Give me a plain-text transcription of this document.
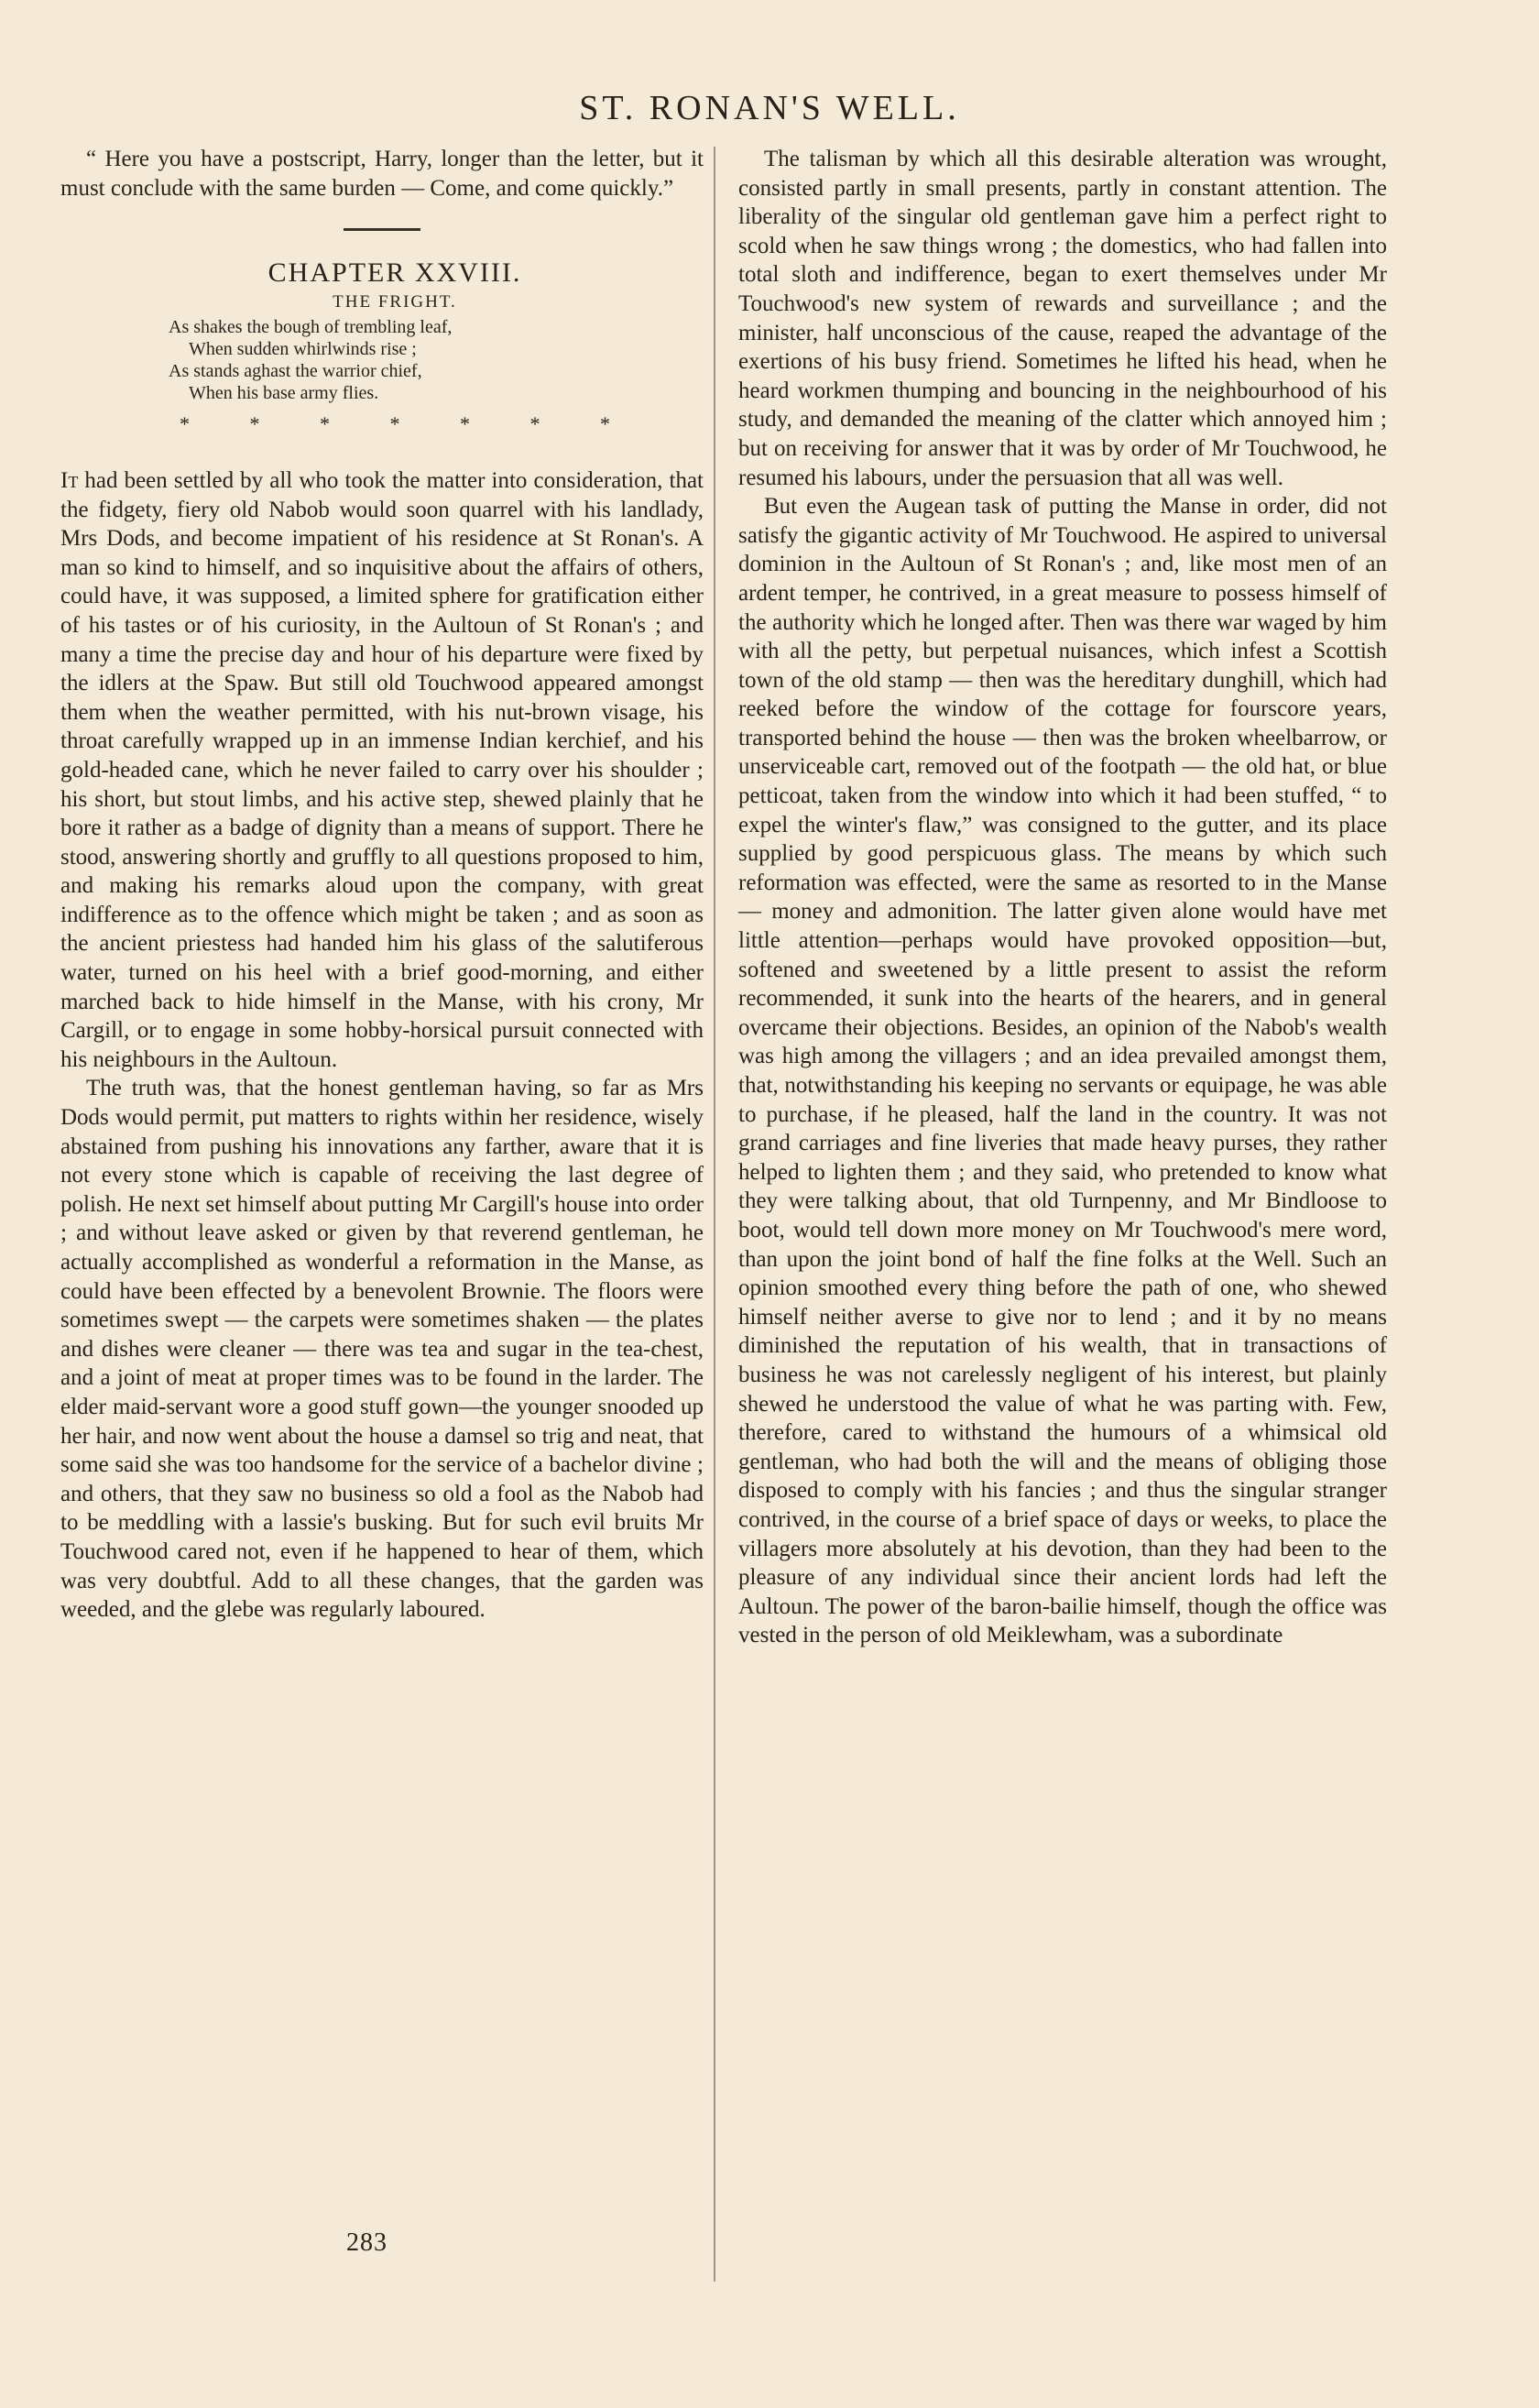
ST. RONAN'S WELL.

“ Here you have a postscript, Harry, longer than the letter, but it must conclude with the same burden — Come, and come quickly.”

CHAPTER XXVIII.

THE FRIGHT.

As shakes the bough of trembling leaf,
When sudden whirlwinds rise ;
As stands aghast the warrior chief,
When his base army flies.
* * * * * * *

It had been settled by all who took the matter into consideration, that the fidgety, fiery old Nabob would soon quarrel with his landlady, Mrs Dods, and become impatient of his residence at St Ronan's. A man so kind to himself, and so inquisitive about the affairs of others, could have, it was supposed, a limited sphere for gratification either of his tastes or of his curiosity, in the Aultoun of St Ronan's ; and many a time the precise day and hour of his departure were fixed by the idlers at the Spaw. But still old Touchwood appeared amongst them when the weather permitted, with his nut-brown visage, his throat carefully wrapped up in an immense Indian kerchief, and his gold-headed cane, which he never failed to carry over his shoulder ; his short, but stout limbs, and his active step, shewed plainly that he bore it rather as a badge of dignity than a means of support. There he stood, answering shortly and gruffly to all questions proposed to him, and making his remarks aloud upon the company, with great indifference as to the offence which might be taken ; and as soon as the ancient priestess had handed him his glass of the salutiferous water, turned on his heel with a brief good-morning, and either marched back to hide himself in the Manse, with his crony, Mr Cargill, or to engage in some hobby-horsical pursuit connected with his neighbours in the Aultoun.

The truth was, that the honest gentleman having, so far as Mrs Dods would permit, put matters to rights within her residence, wisely abstained from pushing his innovations any farther, aware that it is not every stone which is capable of receiving the last degree of polish. He next set himself about putting Mr Cargill's house into order ; and without leave asked or given by that reverend gentleman, he actually accomplished as wonderful a reformation in the Manse, as could have been effected by a benevolent Brownie. The floors were sometimes swept — the carpets were sometimes shaken — the plates and dishes were cleaner — there was tea and sugar in the tea-chest, and a joint of meat at proper times was to be found in the larder. The elder maid-servant wore a good stuff gown—the younger snooded up her hair, and now went about the house a damsel so trig and neat, that some said she was too handsome for the service of a bachelor divine ; and others, that they saw no business so old a fool as the Nabob had to be meddling with a lassie's busking. But for such evil bruits Mr Touchwood cared not, even if he happened to hear of them, which was very doubtful. Add to all these changes, that the garden was weeded, and the glebe was regularly laboured.

The talisman by which all this desirable alteration was wrought, consisted partly in small presents, partly in constant attention. The liberality of the singular old gentleman gave him a perfect right to scold when he saw things wrong ; the domestics, who had fallen into total sloth and indifference, began to exert themselves under Mr Touchwood's new system of rewards and surveillance ; and the minister, half unconscious of the cause, reaped the advantage of the exertions of his busy friend. Sometimes he lifted his head, when he heard workmen thumping and bouncing in the neighbourhood of his study, and demanded the meaning of the clatter which annoyed him ; but on receiving for answer that it was by order of Mr Touchwood, he resumed his labours, under the persuasion that all was well.

But even the Augean task of putting the Manse in order, did not satisfy the gigantic activity of Mr Touchwood. He aspired to universal dominion in the Aultoun of St Ronan's ; and, like most men of an ardent temper, he contrived, in a great measure to possess himself of the authority which he longed after. Then was there war waged by him with all the petty, but perpetual nuisances, which infest a Scottish town of the old stamp — then was the hereditary dunghill, which had reeked before the window of the cottage for fourscore years, transported behind the house — then was the broken wheelbarrow, or unserviceable cart, removed out of the footpath — the old hat, or blue petticoat, taken from the window into which it had been stuffed, “ to expel the winter's flaw,” was consigned to the gutter, and its place supplied by good perspicuous glass. The means by which such reformation was effected, were the same as resorted to in the Manse — money and admonition. The latter given alone would have met little attention—perhaps would have provoked opposition—but, softened and sweetened by a little present to assist the reform recommended, it sunk into the hearts of the hearers, and in general overcame their objections. Besides, an opinion of the Nabob's wealth was high among the villagers ; and an idea prevailed amongst them, that, notwithstanding his keeping no servants or equipage, he was able to purchase, if he pleased, half the land in the country. It was not grand carriages and fine liveries that made heavy purses, they rather helped to lighten them ; and they said, who pretended to know what they were talking about, that old Turnpenny, and Mr Bindloose to boot, would tell down more money on Mr Touchwood's mere word, than upon the joint bond of half the fine folks at the Well. Such an opinion smoothed every thing before the path of one, who shewed himself neither averse to give nor to lend ; and it by no means diminished the reputation of his wealth, that in transactions of business he was not carelessly negligent of his interest, but plainly shewed he understood the value of what he was parting with. Few, therefore, cared to withstand the humours of a whimsical old gentleman, who had both the will and the means of obliging those disposed to comply with his fancies ; and thus the singular stranger contrived, in the course of a brief space of days or weeks, to place the villagers more absolutely at his devotion, than they had been to the pleasure of any individual since their ancient lords had left the Aultoun. The power of the baron-bailie himself, though the office was vested in the person of old Meiklewham, was a subordinate

283
